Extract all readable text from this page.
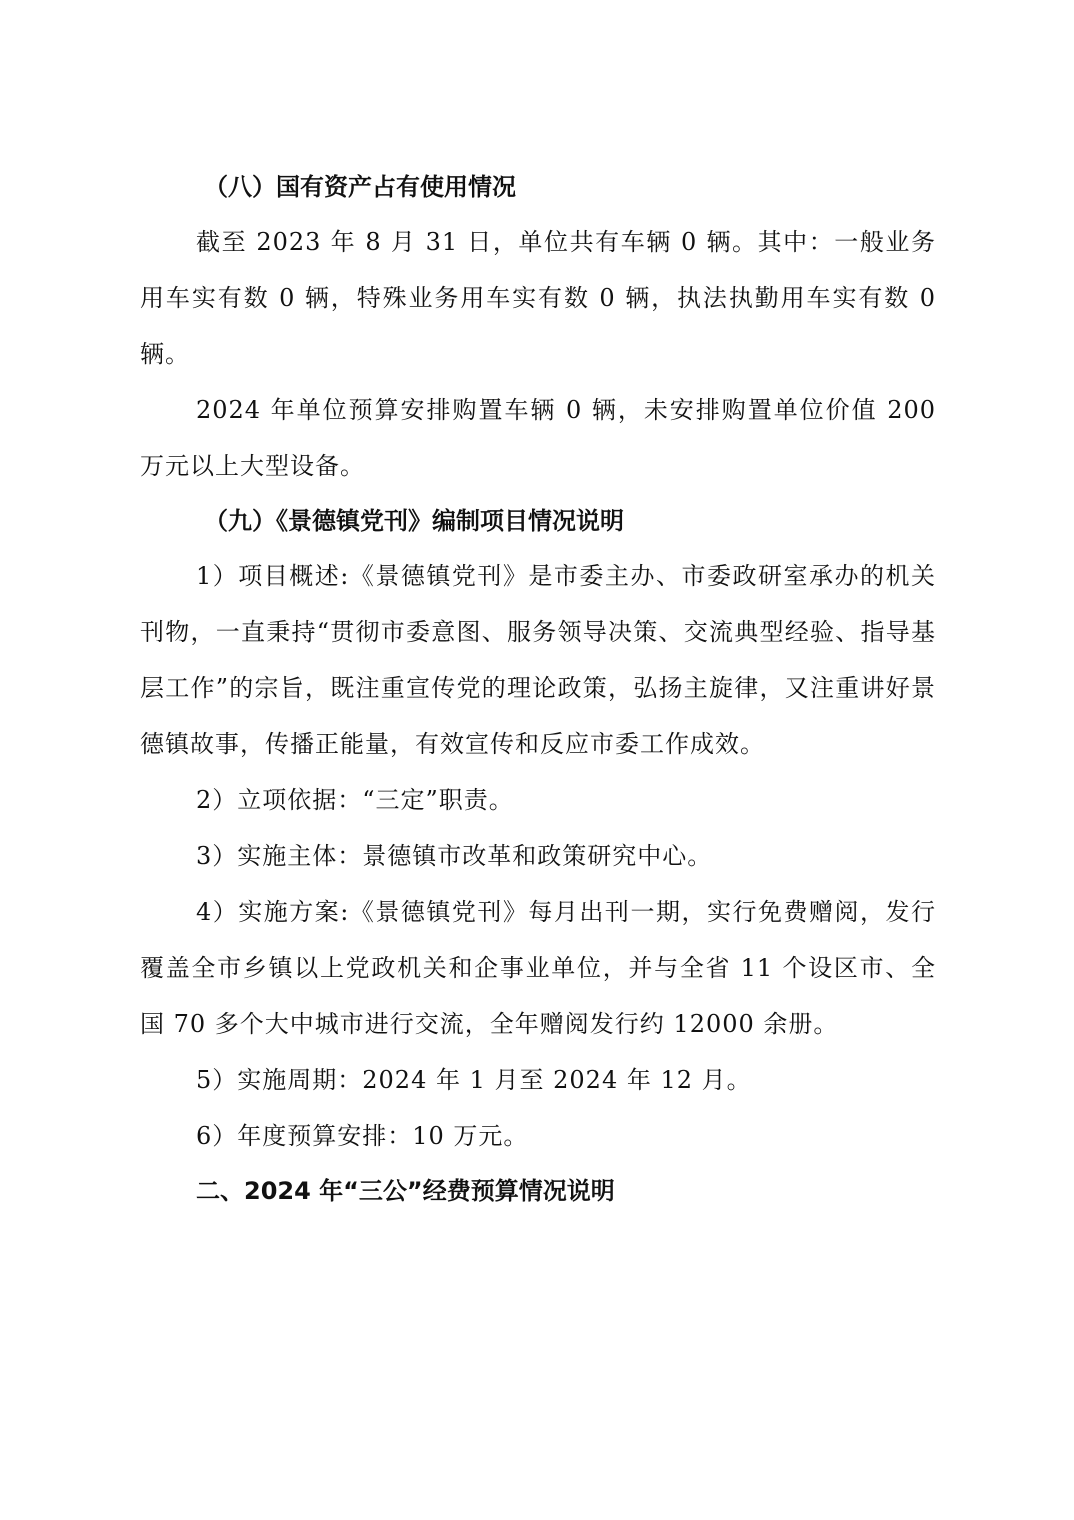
（八）国有资产占有使用情况

截至 2023 年 8 月 31 日，单位共有车辆 0 辆。其中：一般业务用车实有数 0 辆，特殊业务用车实有数 0 辆，执法执勤用车实有数 0 辆。

2024 年单位预算安排购置车辆 0 辆，未安排购置单位价值 200 万元以上大型设备。

（九）《景德镇党刊》编制项目情况说明

1）项目概述:《景德镇党刊》是市委主办、市委政研室承办的机关刊物，一直秉持“贯彻市委意图、服务领导决策、交流典型经验、指导基层工作”的宗旨，既注重宣传党的理论政策，弘扬主旋律，又注重讲好景德镇故事，传播正能量，有效宣传和反应市委工作成效。

2）立项依据：“三定”职责。

3）实施主体：景德镇市改革和政策研究中心。

4）实施方案:《景德镇党刊》每月出刊一期，实行免费赠阅，发行覆盖全市乡镇以上党政机关和企事业单位，并与全省 11 个设区市、全国 70 多个大中城市进行交流，全年赠阅发行约 12000 余册。

5）实施周期：2024 年 1 月至 2024 年 12 月。

6）年度预算安排：10 万元。

二、2024 年“三公”经费预算情况说明
